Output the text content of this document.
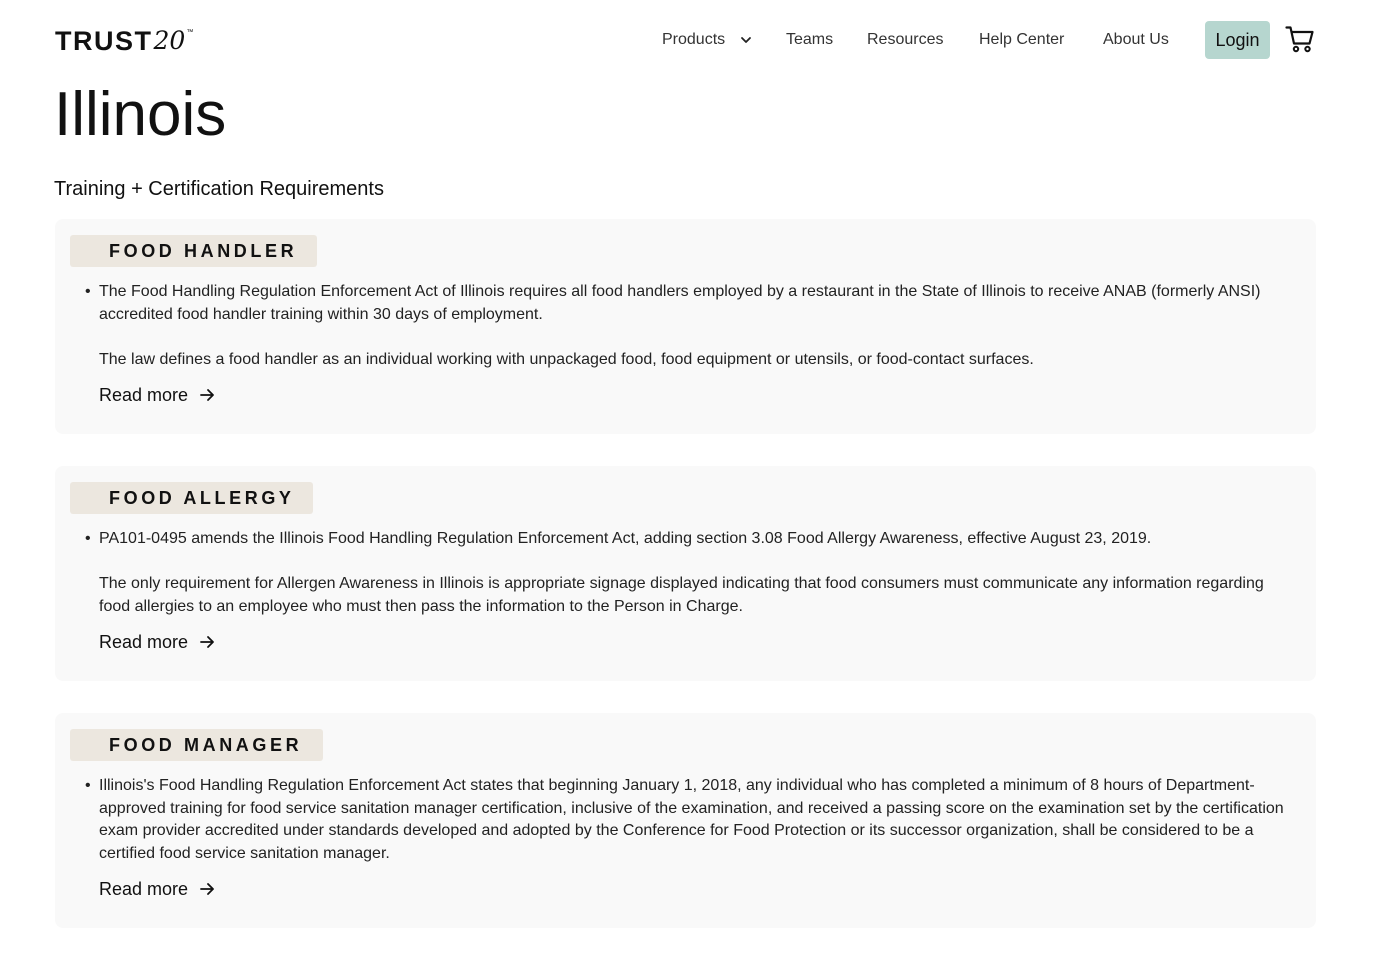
TRUST 20 ™	Products	Teams Resources Help Center About Us	Login
Illinois
Training + Certification Requirements
FOOD HANDLER
• The Food Handling Regulation Enforcement Act of Illinois requires all food handlers employed by a restaurant in the State of Illinois to receive ANAB (formerly ANSI) accredited food handler training within 30 days of employment.

The law defines a food handler as an individual working with unpackaged food, food equipment or utensils, or food-contact surfaces.

Read more
FOOD ALLERGY
• PA101-0495 amends the Illinois Food Handling Regulation Enforcement Act, adding section 3.08 Food Allergy Awareness, effective August 23, 2019.

The only requirement for Allergen Awareness in Illinois is appropriate signage displayed indicating that food consumers must communicate any information regarding food allergies to an employee who must then pass the information to the Person in Charge.

Read more
FOOD MANAGER
• Illinois's Food Handling Regulation Enforcement Act states that beginning January 1, 2018, any individual who has completed a minimum of 8 hours of Department-approved training for food service sanitation manager certification, inclusive of the examination, and received a passing score on the examination set by the certification exam provider accredited under standards developed and adopted by the Conference for Food Protection or its successor organization, shall be considered to be a certified food service sanitation manager.

Read more
